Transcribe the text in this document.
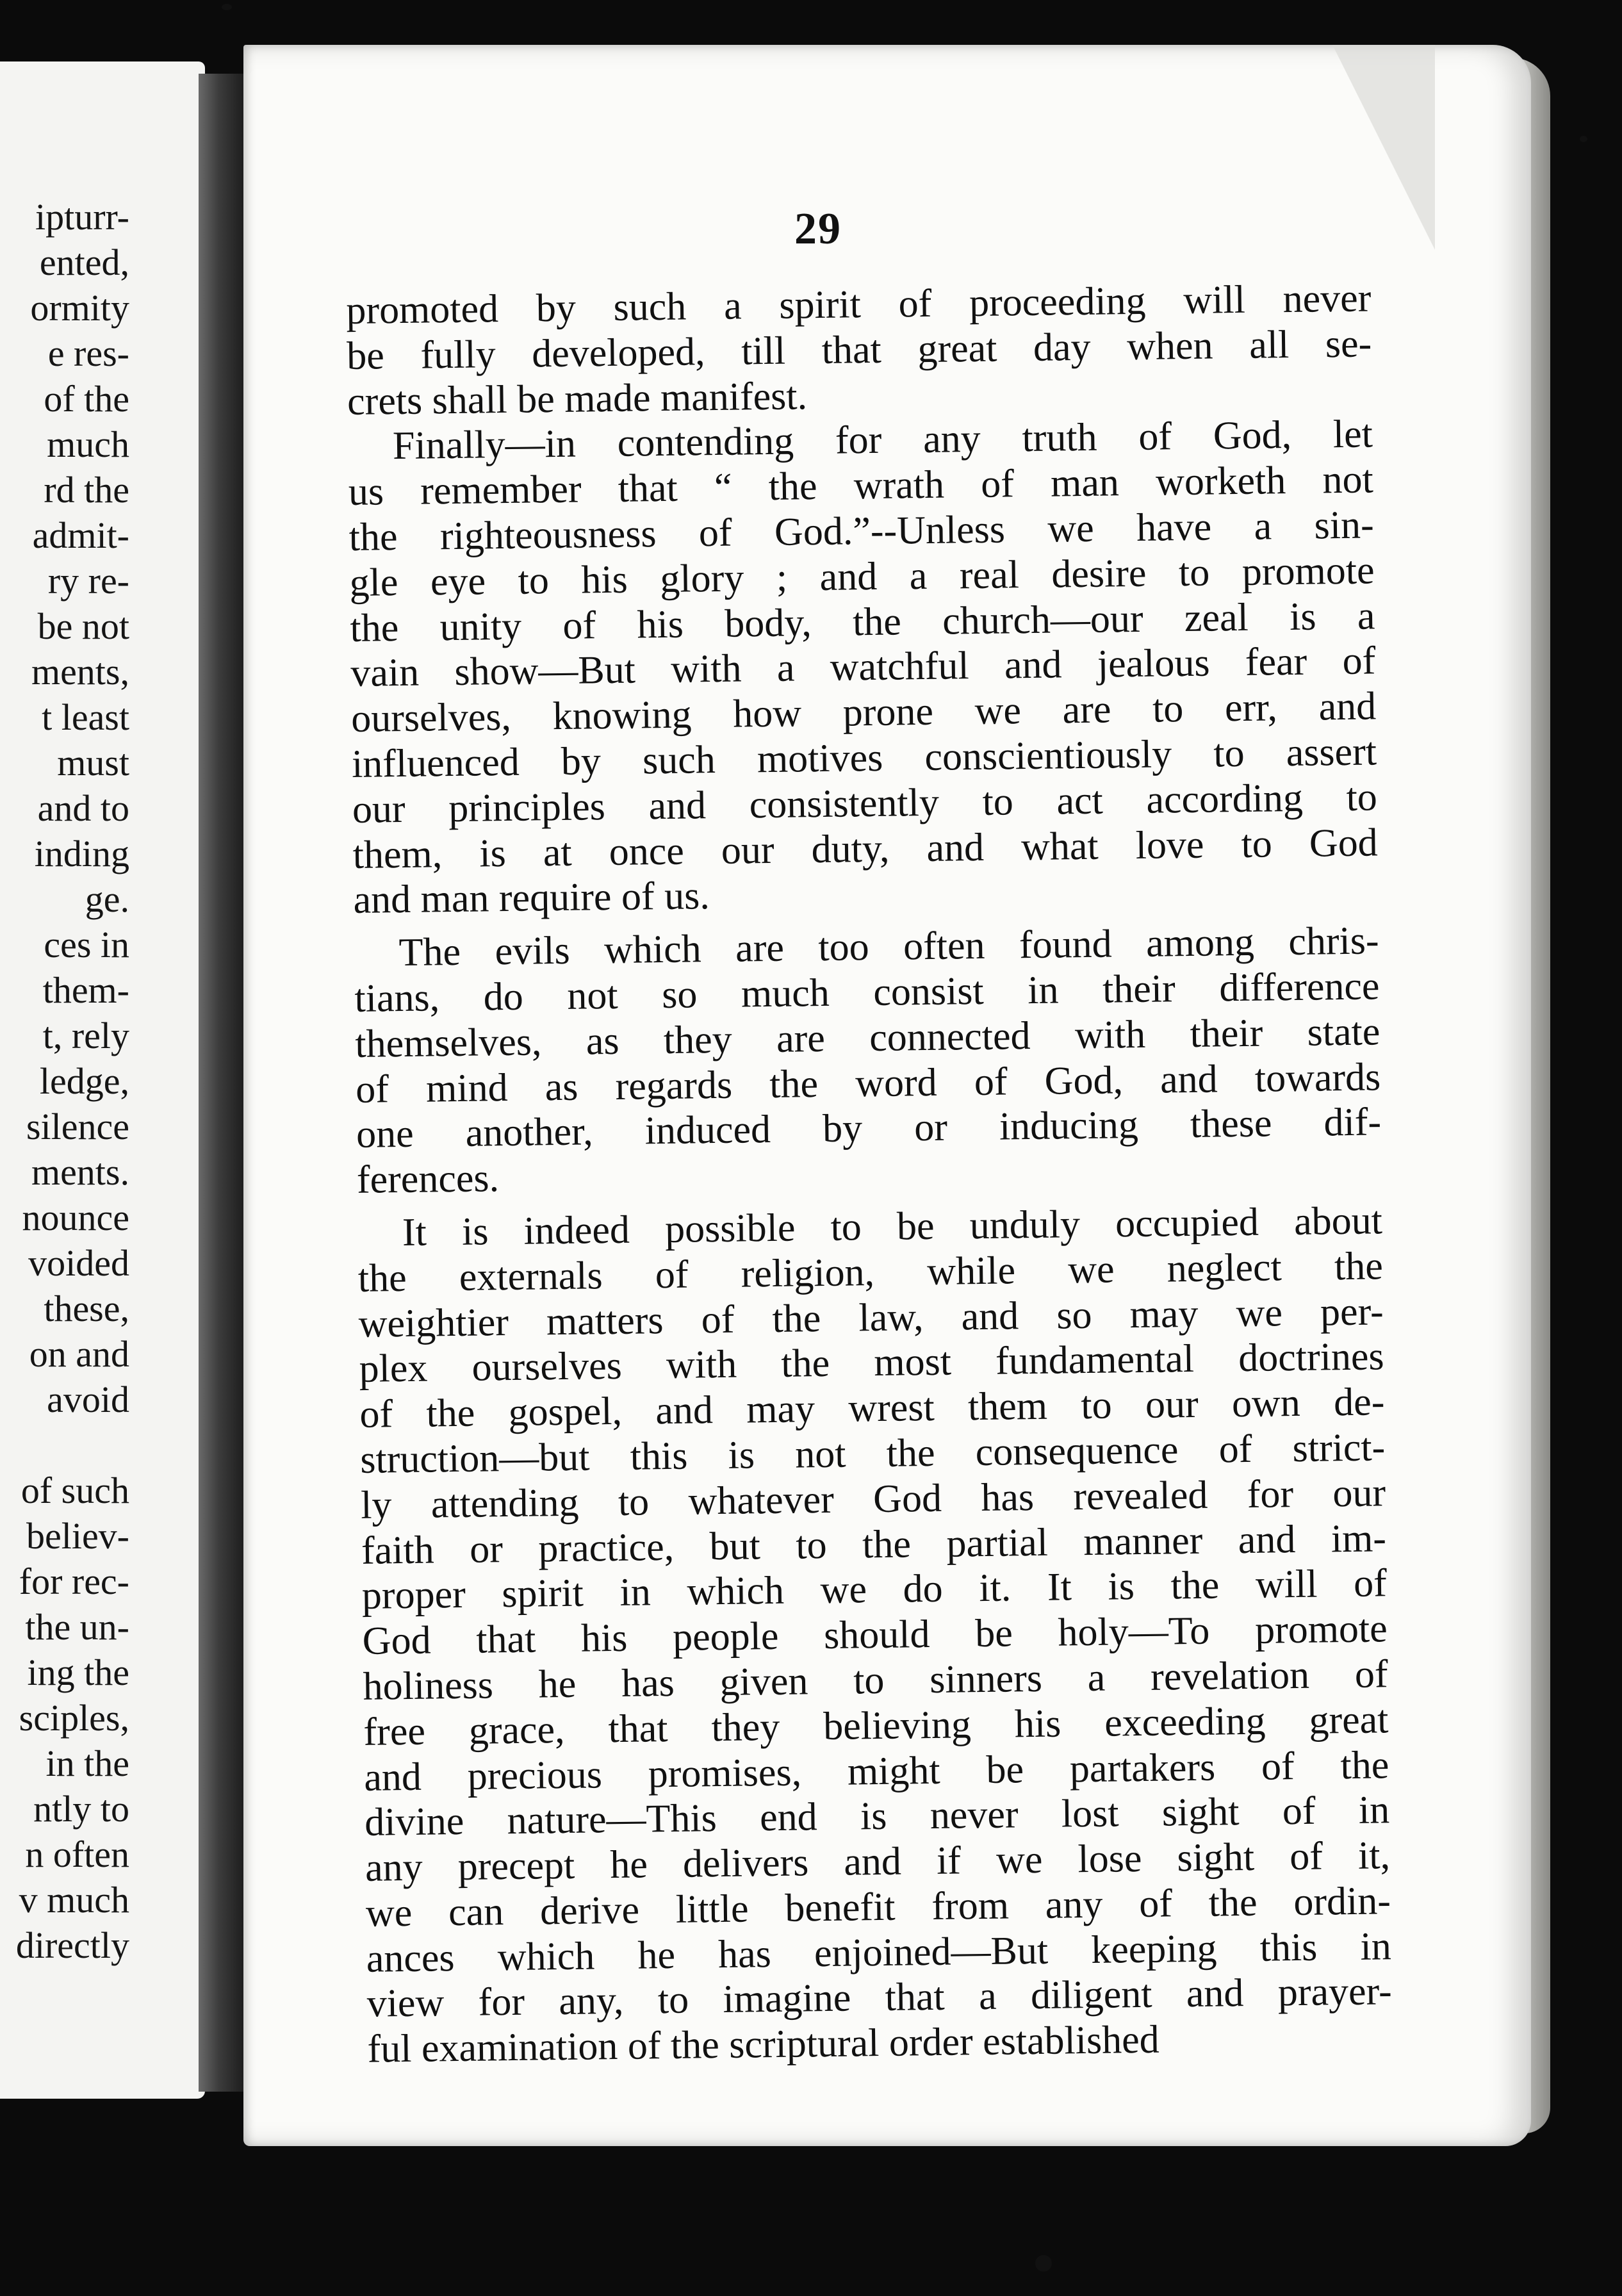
ipturr-
ented,
ormity
e res-
of the
much
rd the
admit-
ry re-
be not
ments,
t least
must
and to
inding
ge.
ces in
them-
t, rely
ledge,
silence
ments.
nounce
voided
these,
on and
avoid
of such
believ-
for rec-
the un-
ing the
sciples,
in the
ntly to
n often
v much
directly
29
promoted by such a spirit of proceeding will never
be fully developed, till that great day when all se-
crets shall be made manifest.
Finally—in contending for any truth of God, let
us remember that “ the wrath of man worketh not
the righteousness of God.”--Unless we have a sin-
gle eye to his glory ; and a real desire to promote
the unity of his body, the church—our zeal is a
vain show—But with a watchful and jealous fear of
ourselves, knowing how prone we are to err, and
influenced by such motives conscientiously to assert
our principles and consistently to act according to
them, is at once our duty, and what love to God
and man require of us.
The evils which are too often found among chris-
tians, do not so much consist in their difference
themselves, as they are connected with their state
of mind as regards the word of God, and towards
one another, induced by or inducing these dif-
ferences.
It is indeed possible to be unduly occupied about
the externals of religion, while we neglect the
weightier matters of the law, and so may we per-
plex ourselves with the most fundamental doctrines
of the gospel, and may wrest them to our own de-
struction—but this is not the consequence of strict-
ly attending to whatever God has revealed for our
faith or practice, but to the partial manner and im-
proper spirit in which we do it. It is the will of
God that his people should be holy—To promote
holiness he has given to sinners a revelation of
free grace, that they believing his exceeding great
and precious promises, might be partakers of the
divine nature—This end is never lost sight of in
any precept he delivers and if we lose sight of it,
we can derive little benefit from any of the ordin-
ances which he has enjoined—But keeping this in
view for any, to imagine that a diligent and prayer-
ful examination of the scriptural order established
